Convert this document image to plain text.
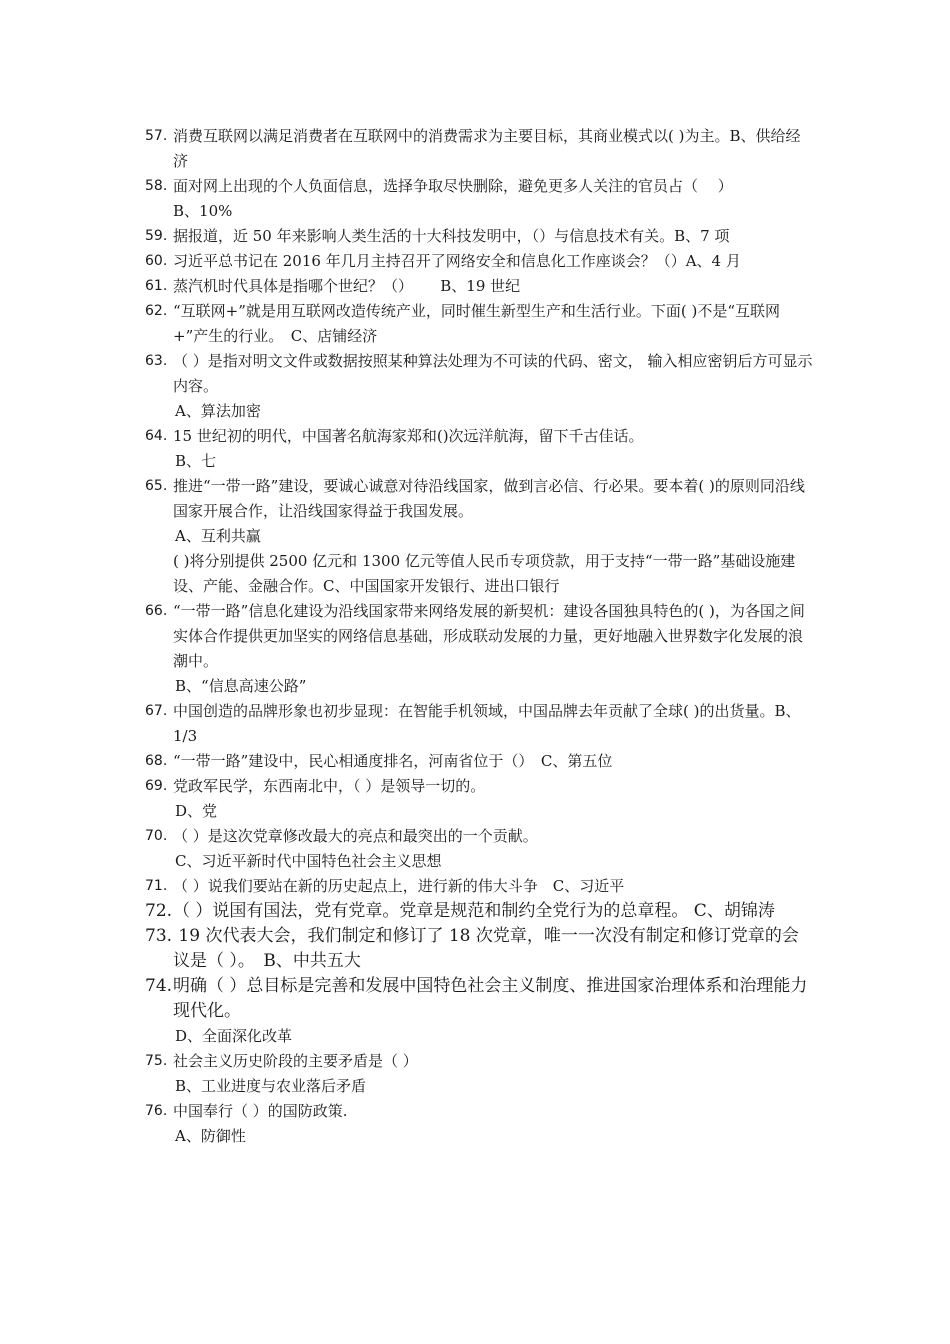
57. 消费互联网以满足消费者在互联网中的消费需求为主要目标，其商业模式以( )为主。B、供给经济
58. 面对网上出现的个人负面信息，选择争取尽快删除，避免更多人关注的官员占（　 ）
B、10%
59. 据报道，近 50 年来影响人类生活的十大科技发明中，（）与信息技术有关。B、7 项
60. 习近平总书记在 2016 年几月主持召开了网络安全和信息化工作座谈会？（）A、4 月
61. 蒸汽机时代具体是指哪个世纪？（）　　 B、19 世纪
62. “互联网+”就是用互联网改造传统产业，同时催生新型生产和生活行业。下面( )不是“互联网+”产生的行业。　C、店铺经济
63. （ ）是指对明文文件或数据按照某种算法处理为不可读的代码、密文， 输入相应密钥后方可显示内容。
A、算法加密
64. 15 世纪初的明代，中国著名航海家郑和()次远洋航海，留下千古佳话。
B、七
65. 推进“一带一路”建设，要诚心诚意对待沿线国家，做到言必信、行必果。要本着( )的原则同沿线国家开展合作，让沿线国家得益于我国发展。
A、互利共赢
( )将分别提供 2500 亿元和 1300 亿元等值人民币专项贷款，用于支持“一带一路”基础设施建设、产能、金融合作。C、中国国家开发银行、进出口银行
66. “一带一路”信息化建设为沿线国家带来网络发展的新契机：建设各国独具特色的( )，为各国之间实体合作提供更加坚实的网络信息基础，形成联动发展的力量，更好地融入世界数字化发展的浪潮中。
B、“信息高速公路”
67. 中国创造的品牌形象也初步显现：在智能手机领域，中国品牌去年贡献了全球( )的出货量。B、1/3
68. “一带一路”建设中，民心相通度排名，河南省位于（）　C、第五位
69. 党政军民学，东西南北中，（ ）是领导一切的。
D、党
70. （ ）是这次党章修改最大的亮点和最突出的一个贡献。
C、习近平新时代中国特色社会主义思想
71. （ ）说我们要站在新的历史起点上，进行新的伟大斗争　C、习近平
72. （ ）说国有国法，党有党章。党章是规范和制约全党行为的总章程。 C、胡锦涛
73. 19 次代表大会，我们制定和修订了 18 次党章，唯一一次没有制定和修订党章的会议是（ ）。　B、中共五大
74. 明确（ ）总目标是完善和发展中国特色社会主义制度、推进国家治理体系和治理能力现代化。
D、全面深化改革
75. 社会主义历史阶段的主要矛盾是（ ）
B、工业进度与农业落后矛盾
76. 中国奉行（ ）的国防政策.
A、防御性
